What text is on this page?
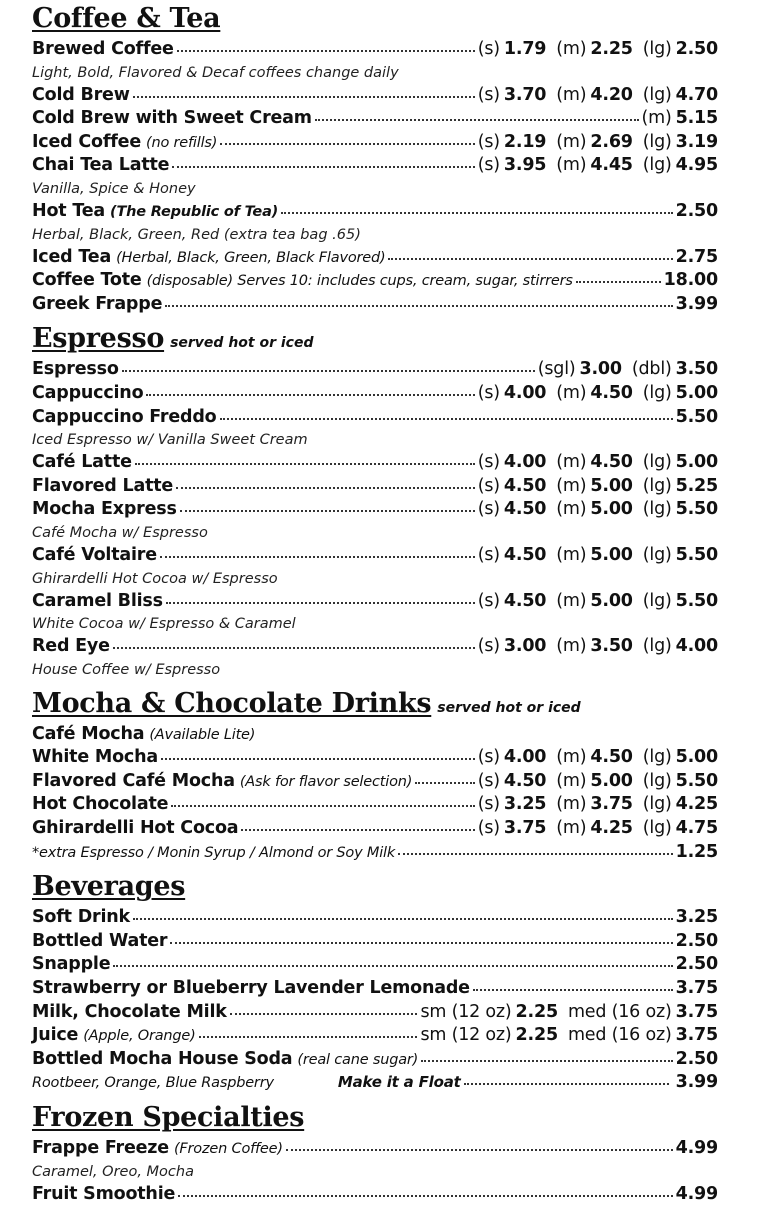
Coffee & Tea
Brewed Coffee	(s) 1.79 (m) 2.25 (lg) 2.50
Light, Bold, Flavored & Decaf coffees change daily
Cold Brew	(s) 3.70 (m) 4.20 (lg) 4.70
Cold Brew with Sweet Cream	(m) 5.15
Iced Coffee (no refills)	(s) 2.19 (m) 2.69 (lg) 3.19
Chai Tea Latte	(s) 3.95 (m) 4.45 (lg) 4.95
Vanilla, Spice & Honey
Hot Tea (The Republic of Tea)	2.50
Herbal, Black, Green, Red (extra tea bag .65)
Iced Tea (Herbal, Black, Green, Black Flavored)	2.75
Coffee Tote (disposable) Serves 10: includes cups, cream, sugar, stirrers	18.00
Greek Frappe	3.99
Espresso served hot or iced
Espresso	(sgl) 3.00 (dbl) 3.50
Cappuccino	(s) 4.00 (m) 4.50 (lg) 5.00
Cappuccino Freddo	5.50
Iced Espresso w/ Vanilla Sweet Cream
Café Latte	(s) 4.00 (m) 4.50 (lg) 5.00
Flavored Latte	(s) 4.50 (m) 5.00 (lg) 5.25
Mocha Express	(s) 4.50 (m) 5.00 (lg) 5.50
Café Mocha w/ Espresso
Café Voltaire	(s) 4.50 (m) 5.00 (lg) 5.50
Ghirardelli Hot Cocoa w/ Espresso
Caramel Bliss	(s) 4.50 (m) 5.00 (lg) 5.50
White Cocoa w/ Espresso & Caramel
Red Eye	(s) 3.00 (m) 3.50 (lg) 4.00
House Coffee w/ Espresso
Mocha & Chocolate Drinks served hot or iced
Café Mocha (Available Lite)
White Mocha	(s) 4.00 (m) 4.50 (lg) 5.00
Flavored Café Mocha (Ask for flavor selection)	(s) 4.50 (m) 5.00 (lg) 5.50
Hot Chocolate	(s) 3.25 (m) 3.75 (lg) 4.25
Ghirardelli Hot Cocoa	(s) 3.75 (m) 4.25 (lg) 4.75
*extra Espresso / Monin Syrup / Almond or Soy Milk	1.25
Beverages
Soft Drink	3.25
Bottled Water	2.50
Snapple	2.50
Strawberry or Blueberry Lavender Lemonade	3.75
Milk, Chocolate Milk	sm (12 oz) 2.25 med (16 oz) 3.75
Juice (Apple, Orange)	sm (12 oz) 2.25 med (16 oz) 3.75
Bottled Mocha House Soda (real cane sugar)	2.50
Rootbeer, Orange, Blue Raspberry	Make it a Float	3.99
Frozen Specialties
Frappe Freeze (Frozen Coffee)	4.99
Caramel, Oreo, Mocha
Fruit Smoothie	4.99
